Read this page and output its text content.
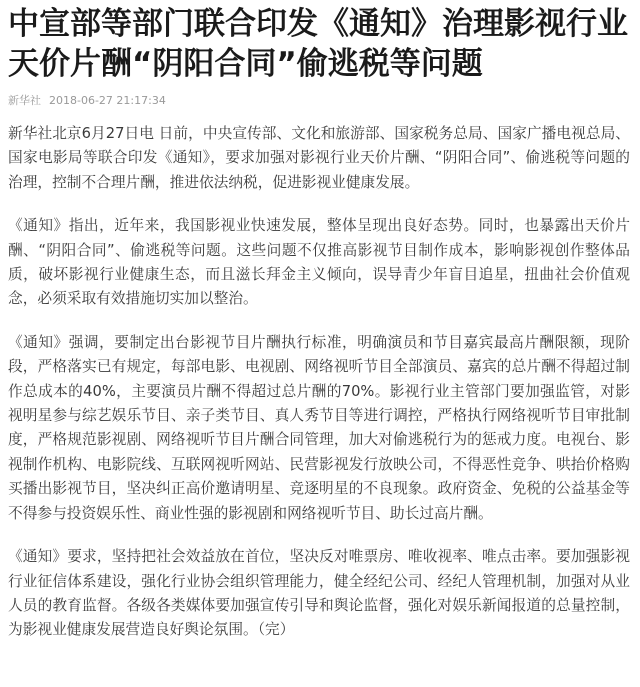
中宣部等部门联合印发《通知》治理影视行业天价片酬“阴阳合同”偷逃税等问题
新华社 2018-06-27 21:17:34

新华社北京6月27日电 日前，中央宣传部、文化和旅游部、国家税务总局、国家广播电视总局、国家电影局等联合印发《通知》，要求加强对影视行业天价片酬、“阴阳合同”、偷逃税等问题的治理，控制不合理片酬，推进依法纳税，促进影视业健康发展。

《通知》指出，近年来，我国影视业快速发展，整体呈现出良好态势。同时，也暴露出天价片酬、“阴阳合同”、偷逃税等问题。这些问题不仅推高影视节目制作成本，影响影视创作整体品质，破坏影视行业健康生态，而且滋长拜金主义倾向，误导青少年盲目追星，扭曲社会价值观念，必须采取有效措施切实加以整治。

《通知》强调，要制定出台影视节目片酬执行标准，明确演员和节目嘉宾最高片酬限额，现阶段，严格落实已有规定，每部电影、电视剧、网络视听节目全部演员、嘉宾的总片酬不得超过制作总成本的40%，主要演员片酬不得超过总片酬的70%。影视行业主管部门要加强监管，对影视明星参与综艺娱乐节目、亲子类节目、真人秀节目等进行调控，严格执行网络视听节目审批制度，严格规范影视剧、网络视听节目片酬合同管理，加大对偷逃税行为的惩戒力度。电视台、影视制作机构、电影院线、互联网视听网站、民营影视发行放映公司，不得恶性竞争、哄抬价格购买播出影视节目，坚决纠正高价邀请明星、竞逐明星的不良现象。政府资金、免税的公益基金等不得参与投资娱乐性、商业性强的影视剧和网络视听节目、助长过高片酬。

《通知》要求，坚持把社会效益放在首位，坚决反对唯票房、唯收视率、唯点击率。要加强影视行业征信体系建设，强化行业协会组织管理能力，健全经纪公司、经纪人管理机制，加强对从业人员的教育监督。各级各类媒体要加强宣传引导和舆论监督，强化对娱乐新闻报道的总量控制，为影视业健康发展营造良好舆论氛围。（完）
